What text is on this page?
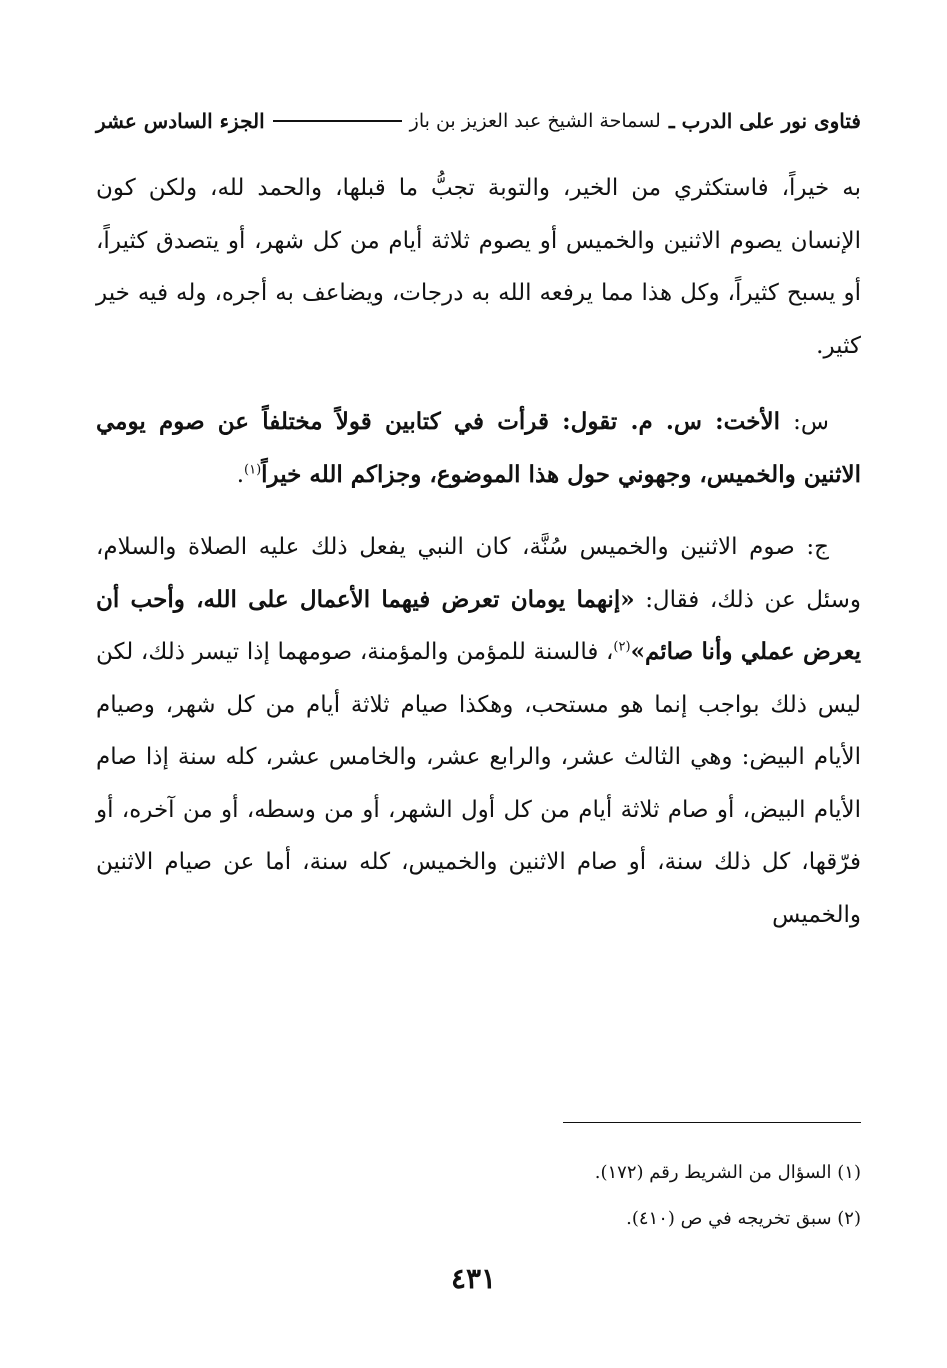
فتاوى نور على الدرب ـ
لسماحة الشيخ عبد العزيز بن باز
الجزء السادس عشر

به خيراً، فاستكثري من الخير، والتوبة تجبُّ ما قبلها، والحمد لله، ولكن كون الإنسان يصوم الاثنين والخميس أو يصوم ثلاثة أيام من كل شهر، أو يتصدق كثيراً، أو يسبح كثيراً، وكل هذا مما يرفعه الله به درجات، ويضاعف به أجره، وله فيه خير كثير.

س: الأخت: س. م. تقول: قرأت في كتابين قولاً مختلفاً عن صوم يومي الاثنين والخميس، وجهوني حول هذا الموضوع، وجزاكم الله خيراً$^{(١)}$.

ج: صوم الاثنين والخميس سُنَّة، كان النبي يفعل ذلك عليه الصلاة والسلام، وسئل عن ذلك، فقال: «إنهما يومان تعرض فيهما الأعمال على الله، وأحب أن يعرض عملي وأنا صائم»$^{(٢)}$، فالسنة للمؤمن والمؤمنة، صومهما إذا تيسر ذلك، لكن ليس ذلك بواجب إنما هو مستحب، وهكذا صيام ثلاثة أيام من كل شهر، وصيام الأيام البيض: وهي الثالث عشر، والرابع عشر، والخامس عشر، كله سنة إذا صام الأيام البيض، أو صام ثلاثة أيام من كل أول الشهر، أو من وسطه، أو من آخره، أو فرّقها، كل ذلك سنة، أو صام الاثنين والخميس، كله سنة، أما عن صيام الاثنين والخميس

(١) السؤال من الشريط رقم (١٧٢).

(٢) سبق تخريجه في ص (٤١٠).

٤٣١
